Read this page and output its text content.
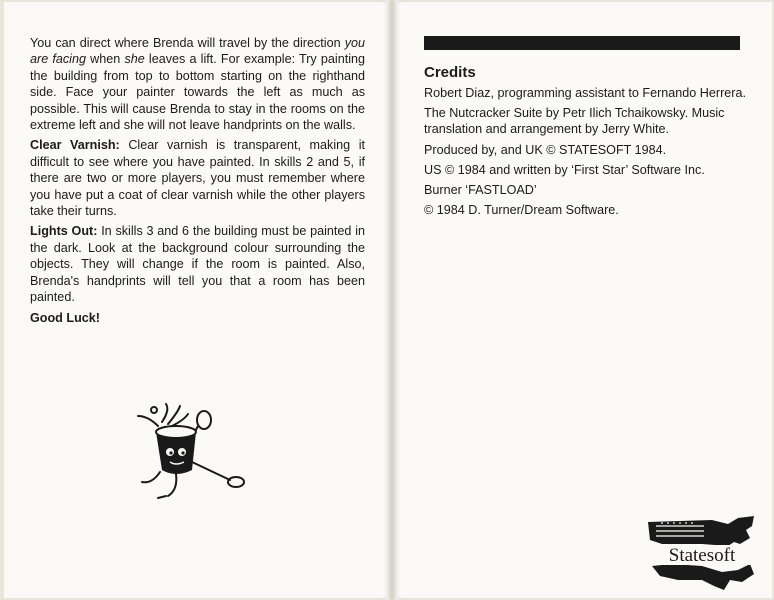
You can direct where Brenda will travel by the direction you are facing when she leaves a lift. For example: Try painting the building from top to bottom starting on the righthand side. Face your painter towards the left as much as possible. This will cause Brenda to stay in the rooms on the extreme left and she will not leave handprints on the walls.

Clear Varnish: Clear varnish is transparent, making it difficult to see where you have painted. In skills 2 and 5, if there are two or more players, you must remember where you have put a coat of clear varnish while the other players take their turns.

Lights Out: In skills 3 and 6 the building must be painted in the dark. Look at the background colour surrounding the objects. They will change if the room is painted. Also, Brenda's handprints will tell you that a room has been painted.

Good Luck!

Credits

Robert Diaz, programming assistant to Fernando Herrera.

The Nutcracker Suite by Petr Ilich Tchaikowsky. Music translation and arrangement by Jerry White.

Produced by, and UK © STATESOFT 1984.

US © 1984 and written by ‘First Star’ Software Inc.

Burner ‘FASTLOAD’

© 1984 D. Turner/Dream Software.

Statesoft
